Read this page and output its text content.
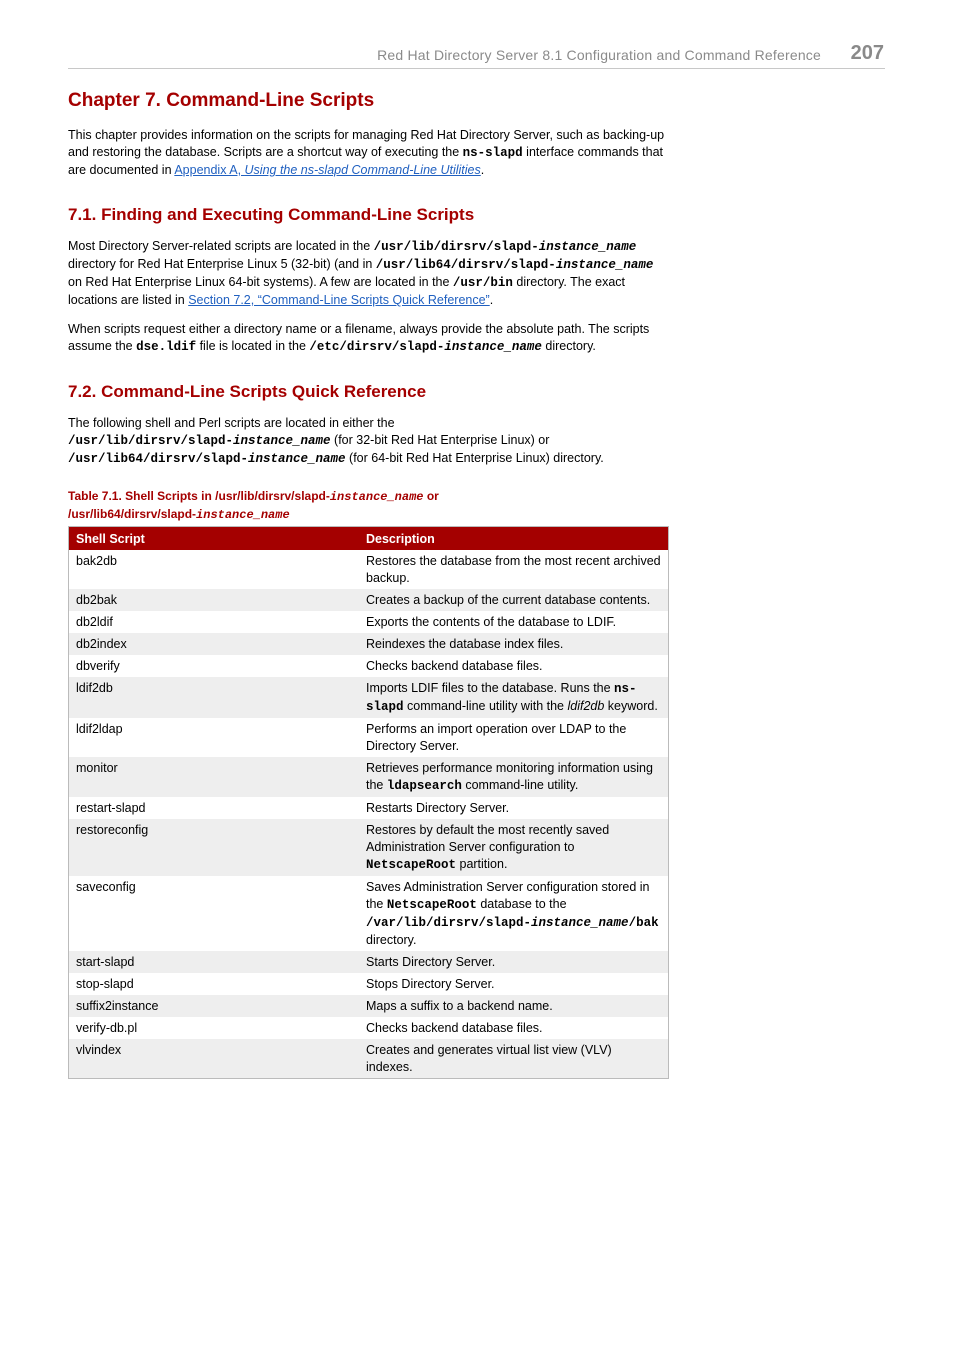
Red Hat Directory Server 8.1 Configuration and Command Reference 207
Chapter 7. Command-Line Scripts

This chapter provides information on the scripts for managing Red Hat Directory Server, such as backing-up and restoring the database. Scripts are a shortcut way of executing the ns-slapd interface commands that are documented in Appendix A, Using the ns-slapd Command-Line Utilities.

7.1. Finding and Executing Command-Line Scripts

Most Directory Server-related scripts are located in the /usr/lib/dirsrv/slapd-instance_name directory for Red Hat Enterprise Linux 5 (32-bit) (and in /usr/lib64/dirsrv/slapd-instance_name on Red Hat Enterprise Linux 64-bit systems). A few are located in the /usr/bin directory. The exact locations are listed in Section 7.2, “Command-Line Scripts Quick Reference”.

When scripts request either a directory name or a filename, always provide the absolute path. The scripts assume the dse.ldif file is located in the /etc/dirsrv/slapd-instance_name directory.

7.2. Command-Line Scripts Quick Reference

The following shell and Perl scripts are located in either the
/usr/lib/dirsrv/slapd-instance_name (for 32-bit Red Hat Enterprise Linux) or
/usr/lib64/dirsrv/slapd-instance_name (for 64-bit Red Hat Enterprise Linux) directory.

Table 7.1. Shell Scripts in /usr/lib/dirsrv/slapd-instance_name or
/usr/lib64/dirsrv/slapd-instance_name
Shell Script	Description
bak2db	Restores the database from the most recent archived backup.
db2bak	Creates a backup of the current database contents.
db2ldif	Exports the contents of the database to LDIF.
db2index	Reindexes the database index files.
dbverify	Checks backend database files.
ldif2db	Imports LDIF files to the database. Runs the ns-slapd command-line utility with the ldif2db keyword.
ldif2ldap	Performs an import operation over LDAP to the Directory Server.
monitor	Retrieves performance monitoring information using the ldapsearch command-line utility.
restart-slapd	Restarts Directory Server.
restoreconfig	Restores by default the most recently saved Administration Server configuration to NetscapeRoot partition.
saveconfig	Saves Administration Server configuration stored in the NetscapeRoot database to the /var/lib/dirsrv/slapd-instance_name/bak directory.
start-slapd	Starts Directory Server.
stop-slapd	Stops Directory Server.
suffix2instance	Maps a suffix to a backend name.
verify-db.pl	Checks backend database files.
vlvindex	Creates and generates virtual list view (VLV) indexes.
